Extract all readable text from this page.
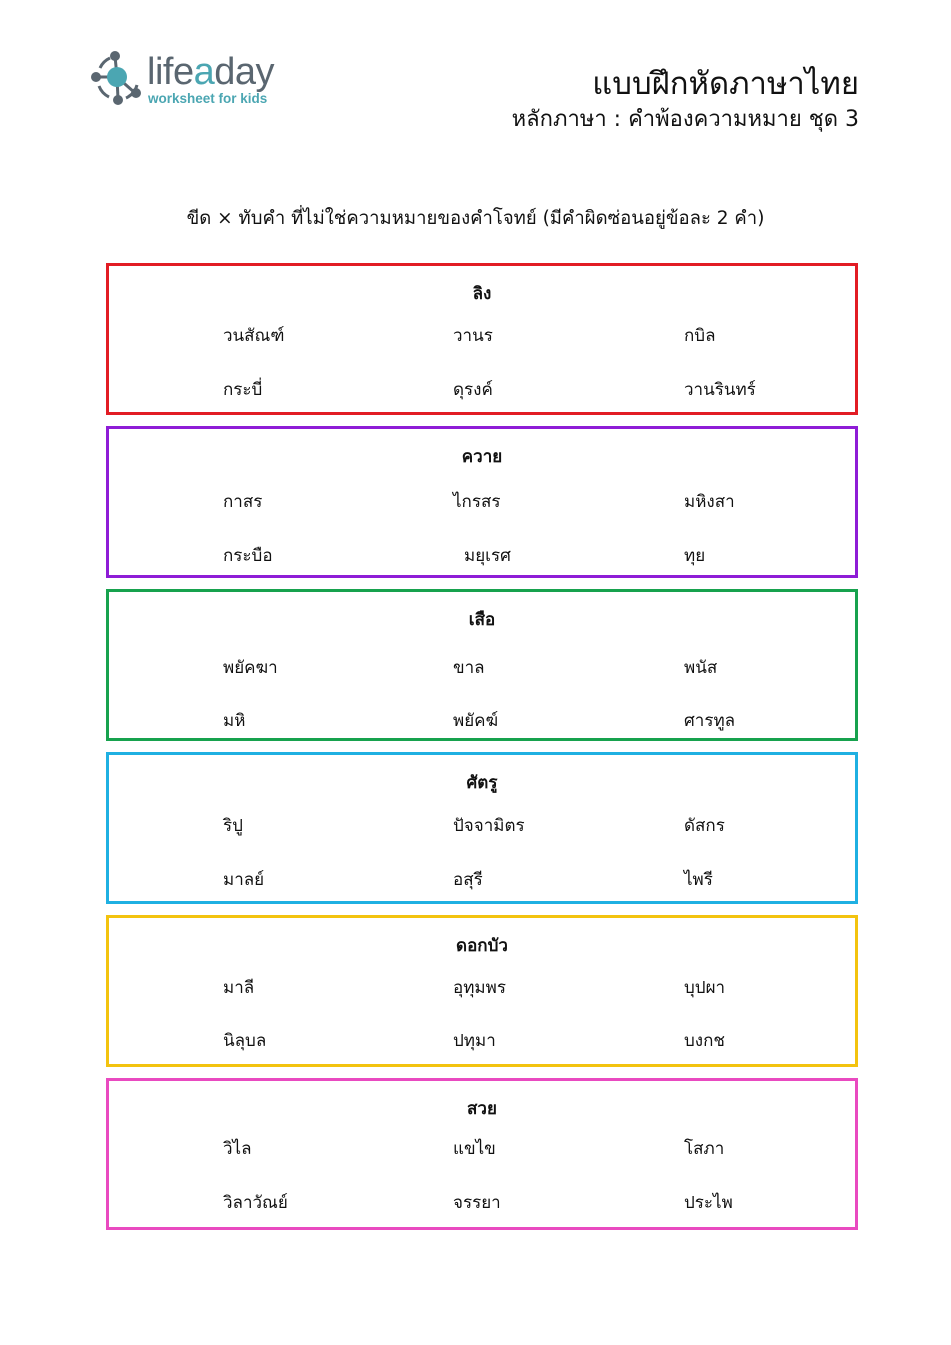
lifeaday
worksheet for kids	แบบฝึกหัดภาษาไทย
หลักภาษา : คำพ้องความหมาย ชุด 3
ขีด × ทับคำ ที่ไม่ใช่ความหมายของคำโจทย์ (มีคำผิดซ่อนอยู่ข้อละ 2 คำ)
ลิง
วนสัณฑ์	วานร	กบิล
กระบี่	ดุรงค์	วานรินทร์
ควาย
กาสร	ไกรสร	มหิงสา
กระบือ	มยุเรศ	ทุย
เสือ
พยัคฆา	ขาล	พนัส
มหิ	พยัคฆ์	ศารทูล
ศัตรู
ริปู	ปัจจามิตร	ดัสกร
มาลย์	อสุรี	ไพรี
ดอกบัว
มาลี	อุทุมพร	บุปผา
นิลุบล	ปทุมา	บงกช
สวย
วิไล	แขไข	โสภา
วิลาวัณย์	จรรยา	ประไพ
